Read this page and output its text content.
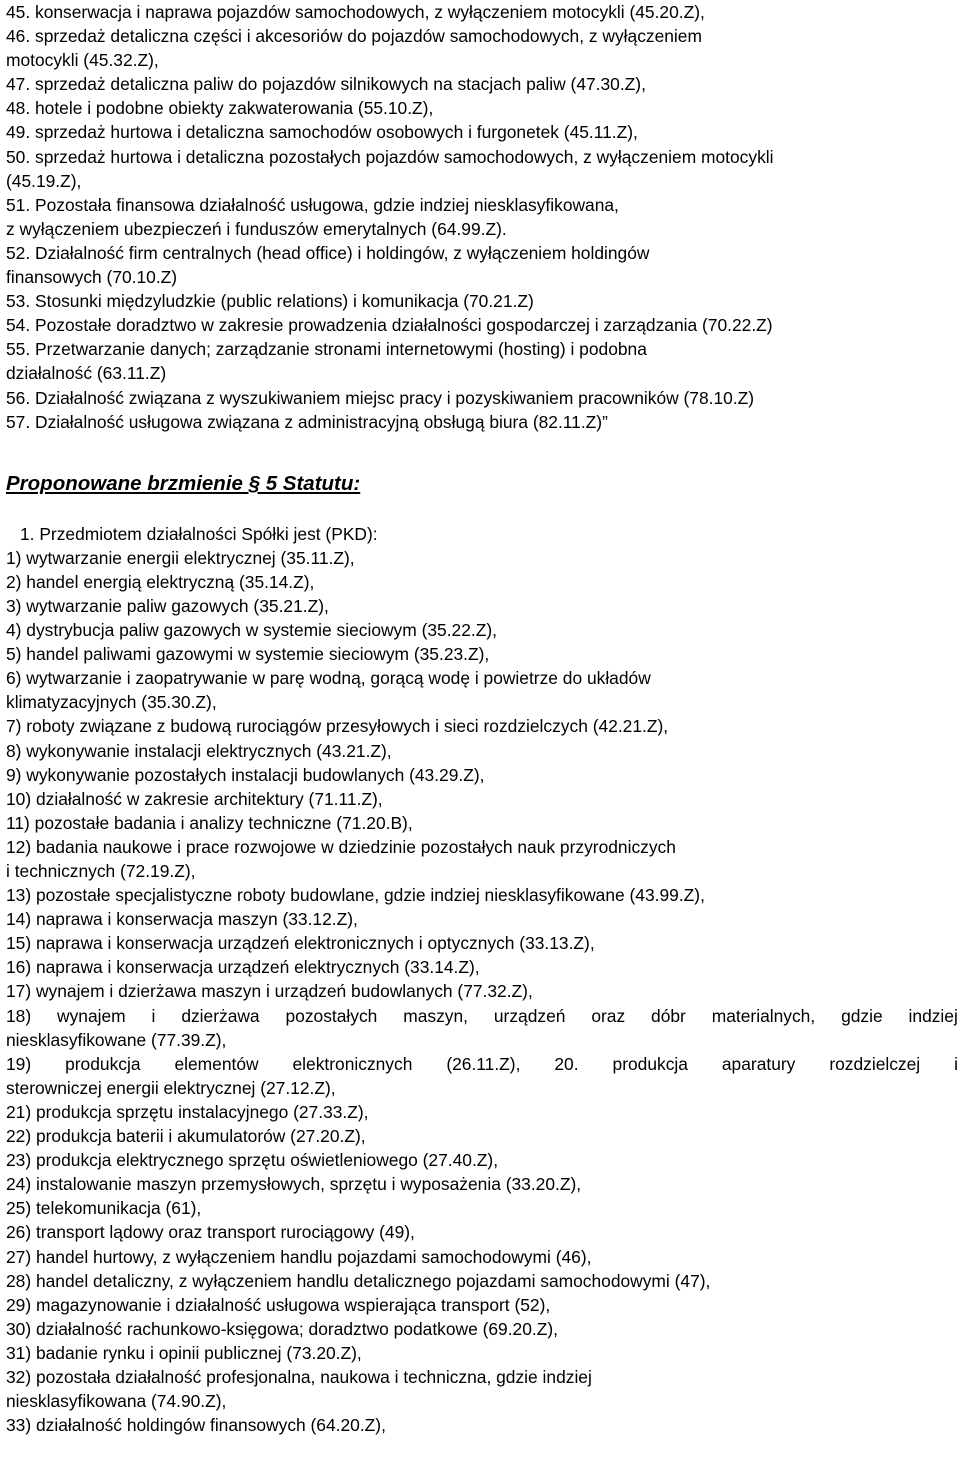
45. konserwacja i naprawa pojazdów samochodowych, z wyłączeniem motocykli (45.20.Z),
46. sprzedaż detaliczna części i akcesoriów do pojazdów samochodowych, z wyłączeniem
motocykli (45.32.Z),
47. sprzedaż detaliczna paliw do pojazdów silnikowych na stacjach paliw (47.30.Z),
48. hotele i podobne obiekty zakwaterowania (55.10.Z),
49. sprzedaż hurtowa i detaliczna samochodów osobowych i furgonetek (45.11.Z),
50. sprzedaż hurtowa i detaliczna pozostałych pojazdów samochodowych, z wyłączeniem motocykli
(45.19.Z),
51. Pozostała finansowa działalność usługowa, gdzie indziej niesklasyfikowana,
z wyłączeniem ubezpieczeń i funduszów emerytalnych (64.99.Z).
52. Działalność firm centralnych (head office) i holdingów, z wyłączeniem holdingów
finansowych (70.10.Z)
53. Stosunki międzyludzkie (public relations) i komunikacja (70.21.Z)
54. Pozostałe doradztwo w zakresie prowadzenia działalności gospodarczej i zarządzania (70.22.Z)
55. Przetwarzanie danych; zarządzanie stronami internetowymi (hosting) i podobna
działalność (63.11.Z)
56. Działalność związana z wyszukiwaniem miejsc pracy i pozyskiwaniem pracowników (78.10.Z)
57. Działalność usługowa związana z administracyjną obsługą biura (82.11.Z)”
Proponowane brzmienie § 5 Statutu:
1. Przedmiotem działalności Spółki jest (PKD):
1) wytwarzanie energii elektrycznej (35.11.Z),
2) handel energią elektryczną (35.14.Z),
3) wytwarzanie paliw gazowych (35.21.Z),
4) dystrybucja paliw gazowych w systemie sieciowym (35.22.Z),
5) handel paliwami gazowymi w systemie sieciowym (35.23.Z),
6) wytwarzanie i zaopatrywanie w parę wodną, gorącą wodę i powietrze do układów
klimatyzacyjnych (35.30.Z),
7) roboty związane z budową rurociągów przesyłowych i sieci rozdzielczych (42.21.Z),
8) wykonywanie instalacji elektrycznych (43.21.Z),
9) wykonywanie pozostałych instalacji budowlanych (43.29.Z),
10) działalność w zakresie architektury (71.11.Z),
11) pozostałe badania i analizy techniczne (71.20.B),
12) badania naukowe i prace rozwojowe w dziedzinie pozostałych nauk przyrodniczych
i technicznych (72.19.Z),
13) pozostałe specjalistyczne roboty budowlane, gdzie indziej niesklasyfikowane (43.99.Z),
14) naprawa i konserwacja maszyn (33.12.Z),
15) naprawa i konserwacja urządzeń elektronicznych i optycznych (33.13.Z),
16) naprawa i konserwacja urządzeń elektrycznych (33.14.Z),
17) wynajem i dzierżawa maszyn i urządzeń budowlanych (77.32.Z),
18) wynajem i dzierżawa pozostałych maszyn, urządzeń oraz dóbr materialnych, gdzie indziej
niesklasyfikowane (77.39.Z),
19) produkcja elementów elektronicznych (26.11.Z), 20. produkcja aparatury rozdzielczej i
sterowniczej energii elektrycznej (27.12.Z),
21) produkcja sprzętu instalacyjnego (27.33.Z),
22) produkcja baterii i akumulatorów (27.20.Z),
23) produkcja elektrycznego sprzętu oświetleniowego (27.40.Z),
24) instalowanie maszyn przemysłowych, sprzętu i wyposażenia (33.20.Z),
25) telekomunikacja (61),
26) transport lądowy oraz transport rurociągowy (49),
27) handel hurtowy, z wyłączeniem handlu pojazdami samochodowymi (46),
28) handel detaliczny, z wyłączeniem handlu detalicznego pojazdami samochodowymi (47),
29) magazynowanie i działalność usługowa wspierająca transport (52),
30) działalność rachunkowo-księgowa; doradztwo podatkowe (69.20.Z),
31) badanie rynku i opinii publicznej (73.20.Z),
32) pozostała działalność profesjonalna, naukowa i techniczna, gdzie indziej
niesklasyfikowana (74.90.Z),
33) działalność holdingów finansowych (64.20.Z),
